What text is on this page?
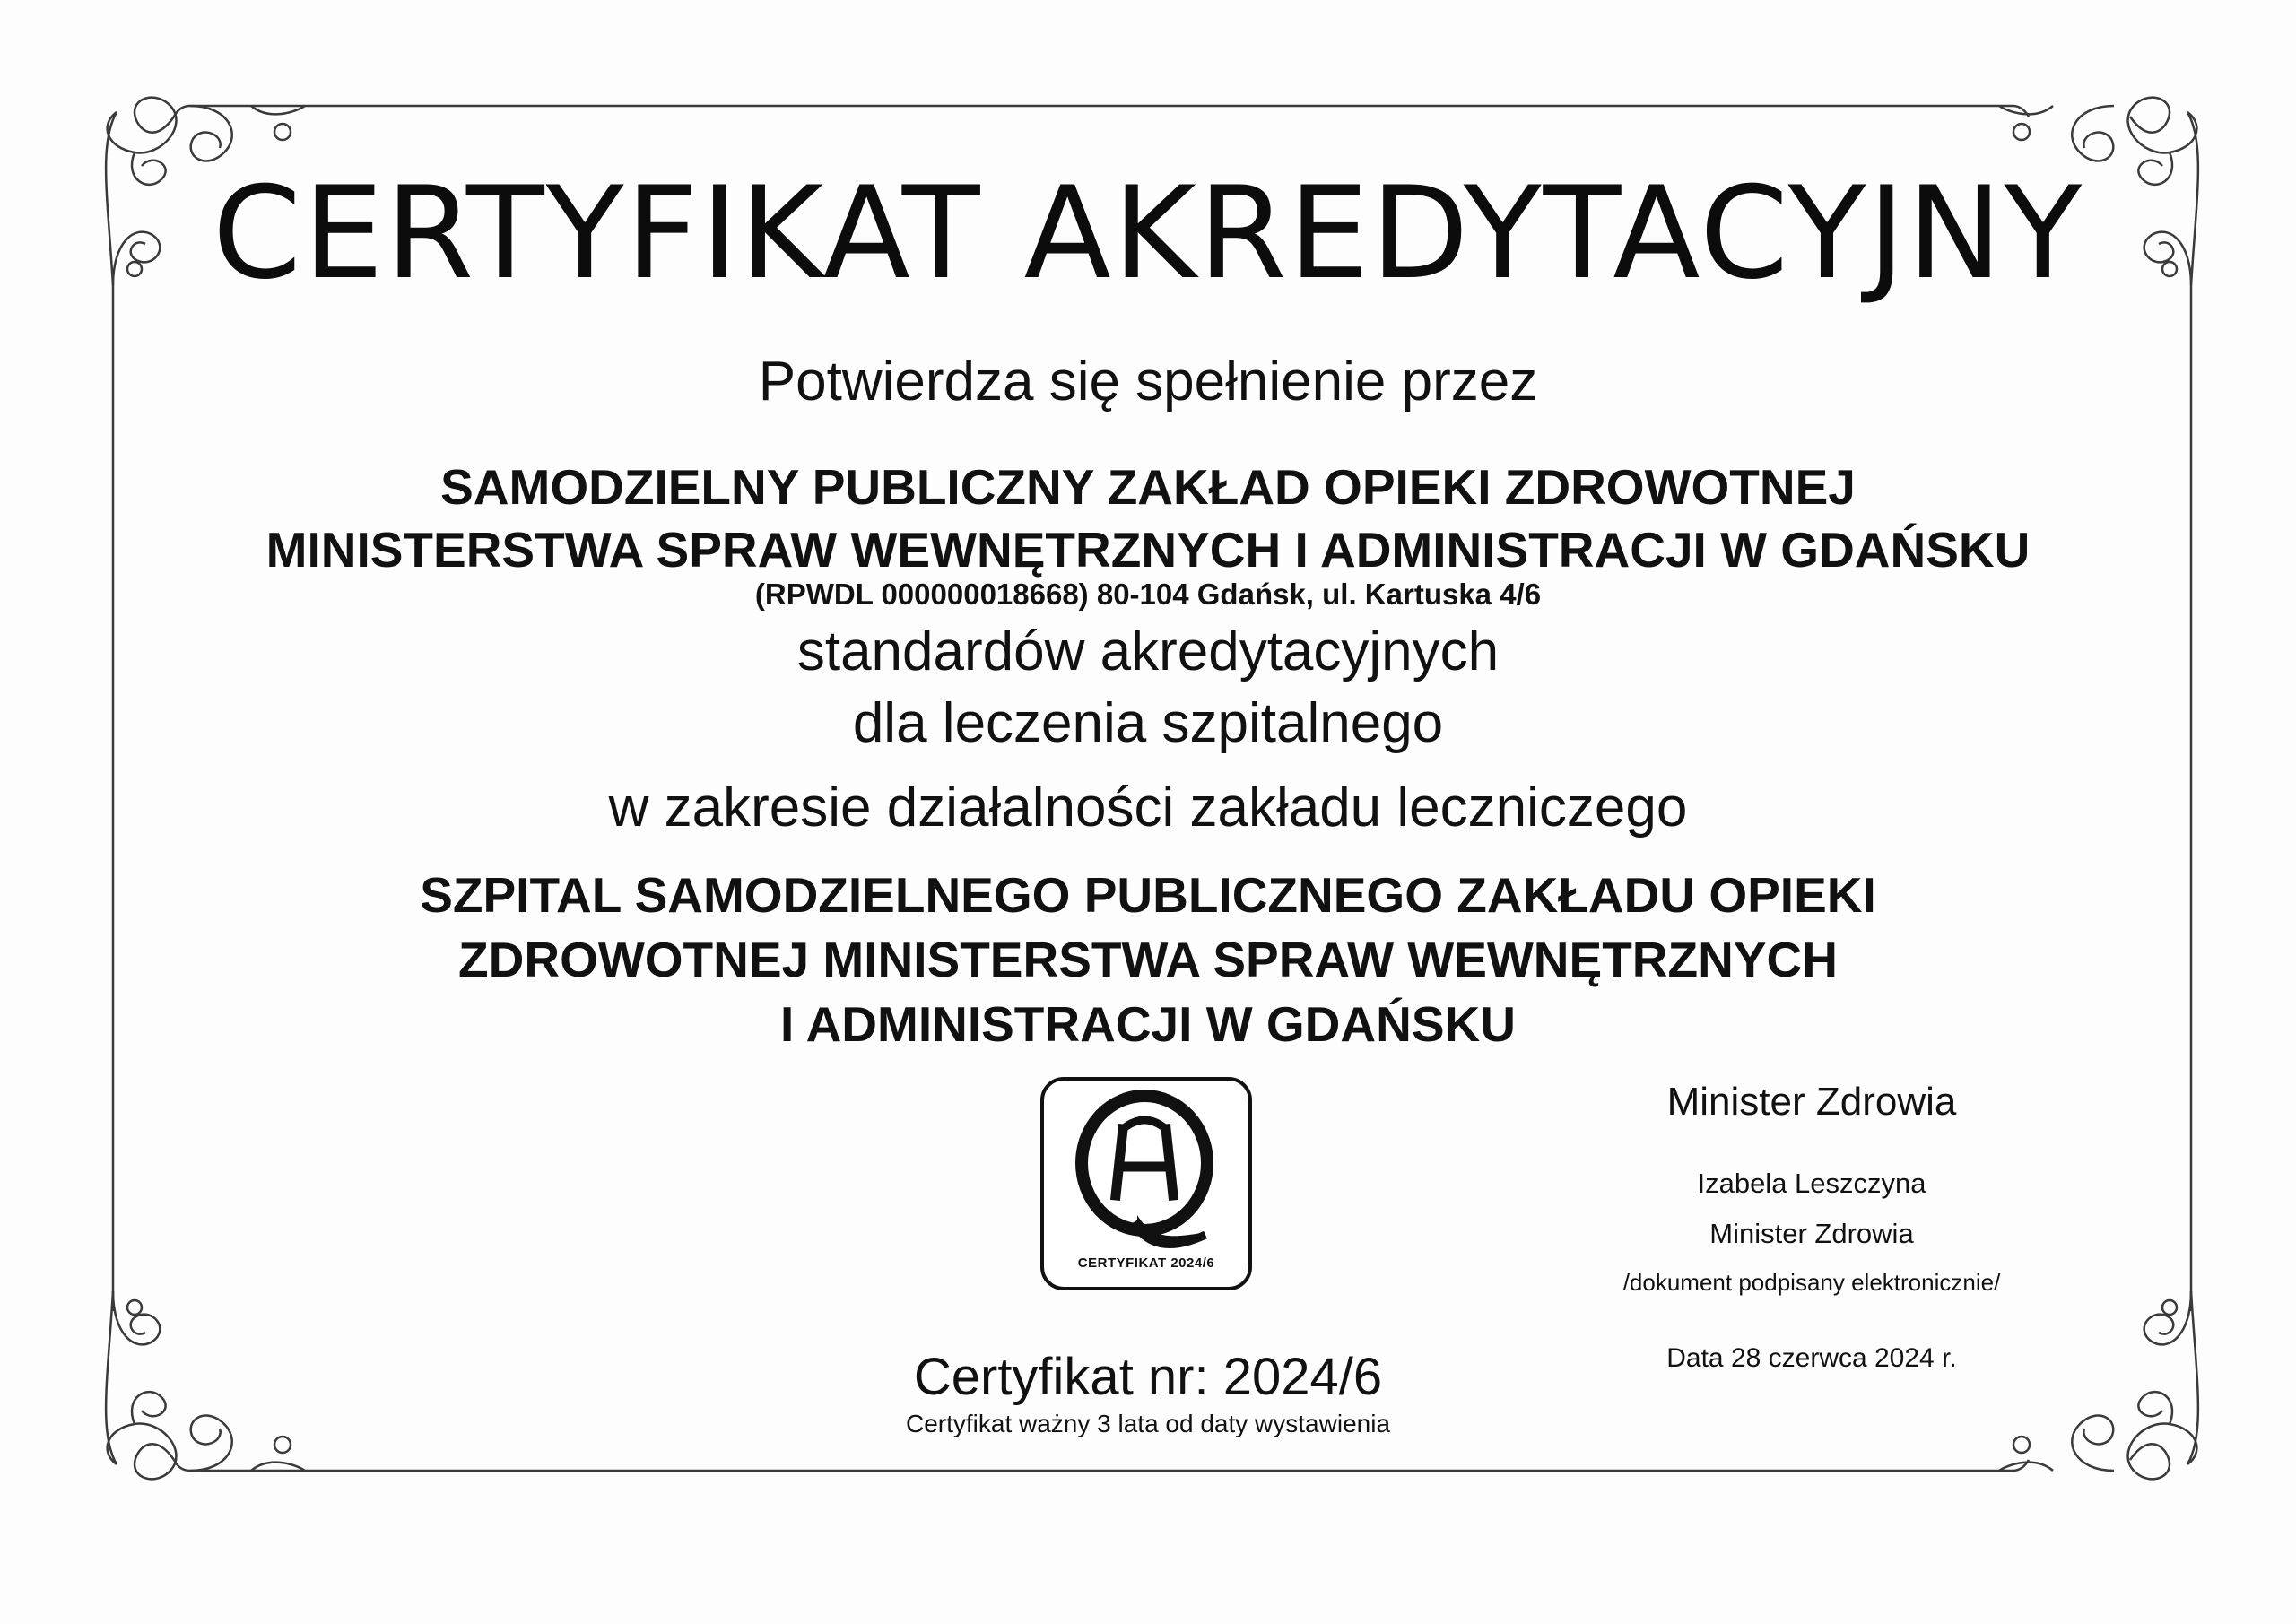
CERTYFIKAT AKREDYTACYJNY
Potwierdza się spełnienie przez
SAMODZIELNY PUBLICZNY ZAKŁAD OPIEKI ZDROWOTNEJ
MINISTERSTWA SPRAW WEWNĘTRZNYCH I ADMINISTRACJI W GDAŃSKU
(RPWDL 000000018668) 80-104 Gdańsk, ul. Kartuska 4/6
standardów akredytacyjnych
dla leczenia szpitalnego
w zakresie działalności zakładu leczniczego
SZPITAL SAMODZIELNEGO PUBLICZNEGO ZAKŁADU OPIEKI
ZDROWOTNEJ MINISTERSTWA SPRAW WEWNĘTRZNYCH
I ADMINISTRACJI W GDAŃSKU
CERTYFIKAT 2024/6
Certyfikat nr: 2024/6
Certyfikat ważny 3 lata od daty wystawienia
Minister Zdrowia
Izabela Leszczyna
Minister Zdrowia
/dokument podpisany elektronicznie/
Data 28 czerwca 2024 r.
